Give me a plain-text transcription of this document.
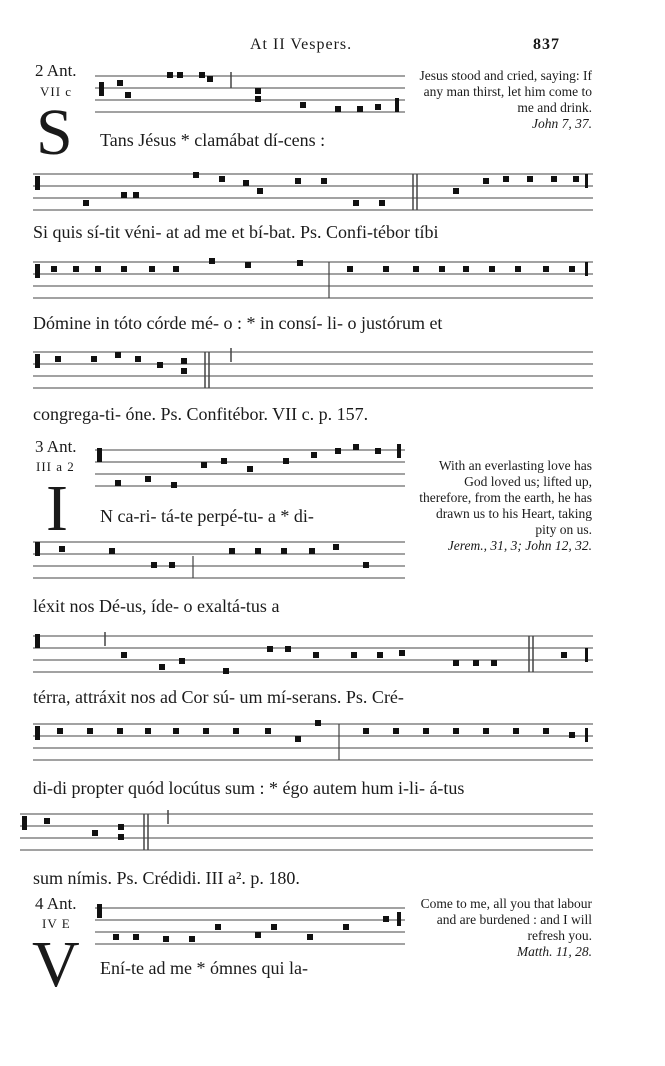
At II Vespers.	837
2 Ant.
VII c
S Tans Jésus * clamábat dí-cens :
Jesus stood and cried, saying: If any man thirst, let him come to me and drink.
John 7, 37.
Si quis sí-tit véni- at ad me et bí-bat. Ps. Confi-tébor tíbi
Dómine in tóto córde mé- o : * in consí- li- o justórum et
congrega-ti- óne. Ps. Confitébor. VII c. p. 157.
3 Ant.
III a 2
I N ca-ri- tá-te perpé-tu- a * di-
With an everlasting love has God loved us; lifted up, therefore, from the earth, he has drawn us to his Heart, taking pity on us.
Jerem., 31, 3; John 12, 32.
léxit nos Dé-us, íde- o exaltá-tus a
térra, attráxit nos ad Cor sú- um mí-serans. Ps. Cré-
di-di propter quód locútus sum : * égo autem hum i-li- á-tus
sum nímis. Ps. Crédidi. III a². p. 180.
4 Ant.
IV E
V Ení-te ad me * ómnes qui la-
Come to me, all you that labour and are burdened : and I will refresh you.
Matth. 11, 28.
